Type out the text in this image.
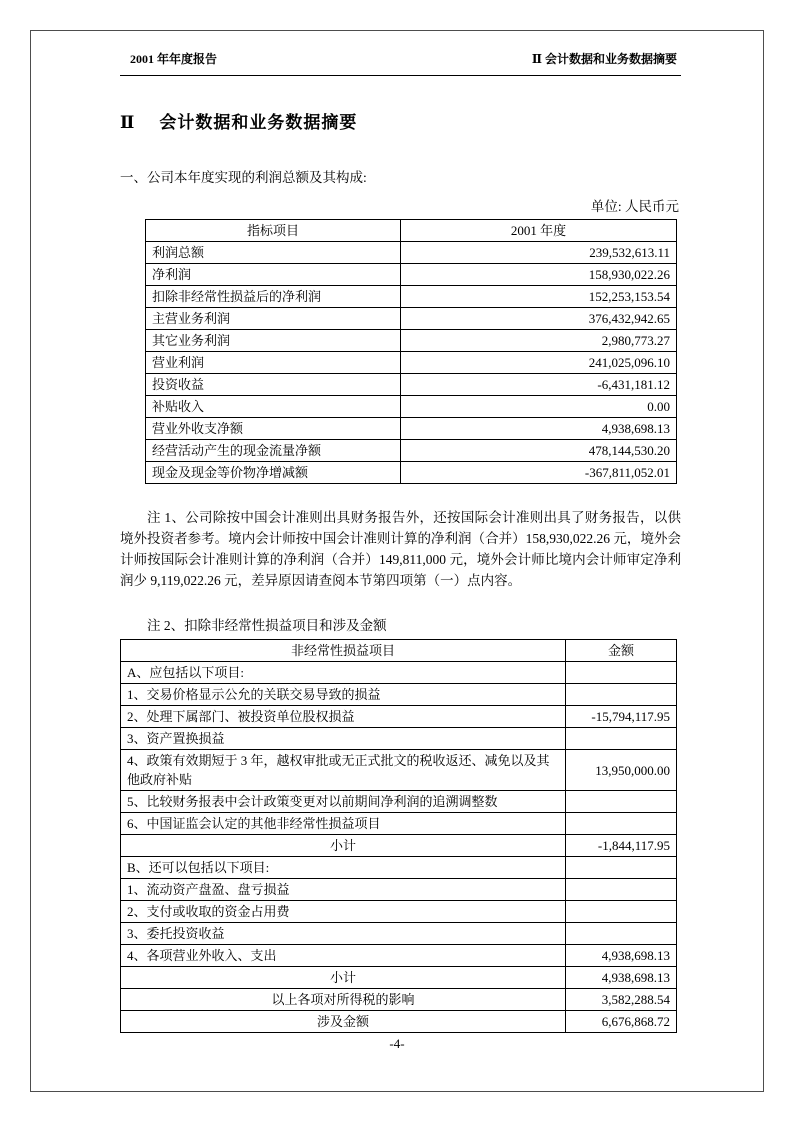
2001 年年度报告	Ⅱ 会计数据和业务数据摘要
Ⅱ 会计数据和业务数据摘要
一、公司本年度实现的利润总额及其构成:
单位: 人民币元
指标项目	2001 年度
利润总额	239,532,613.11
净利润	158,930,022.26
扣除非经常性损益后的净利润	152,253,153.54
主营业务利润	376,432,942.65
其它业务利润	2,980,773.27
营业利润	241,025,096.10
投资收益	-6,431,181.12
补贴收入	0.00
营业外收支净额	4,938,698.13
经营活动产生的现金流量净额	478,144,530.20
现金及现金等价物净增减额	-367,811,052.01
注 1、公司除按中国会计准则出具财务报告外，还按国际会计准则出具了财务报告，以供境外投资者参考。境内会计师按中国会计准则计算的净利润（合并）158,930,022.26 元，境外会计师按国际会计准则计算的净利润（合并）149,811,000 元，境外会计师比境内会计师审定净利润少 9,119,022.26 元，差异原因请查阅本节第四项第（一）点内容。
注 2、扣除非经常性损益项目和涉及金额
非经常性损益项目	金额
A、应包括以下项目:	
1、交易价格显示公允的关联交易导致的损益	
2、处理下属部门、被投资单位股权损益	-15,794,117.95
3、资产置换损益	
4、政策有效期短于 3 年，越权审批或无正式批文的税收返还、减免以及其他政府补贴	13,950,000.00
5、比较财务报表中会计政策变更对以前期间净利润的追溯调整数	
6、中国证监会认定的其他非经常性损益项目	
小计	-1,844,117.95
B、还可以包括以下项目:	
1、流动资产盘盈、盘亏损益	
2、支付或收取的资金占用费	
3、委托投资收益	
4、各项营业外收入、支出	4,938,698.13
小计	4,938,698.13
以上各项对所得税的影响	3,582,288.54
涉及金额	6,676,868.72
-4-
